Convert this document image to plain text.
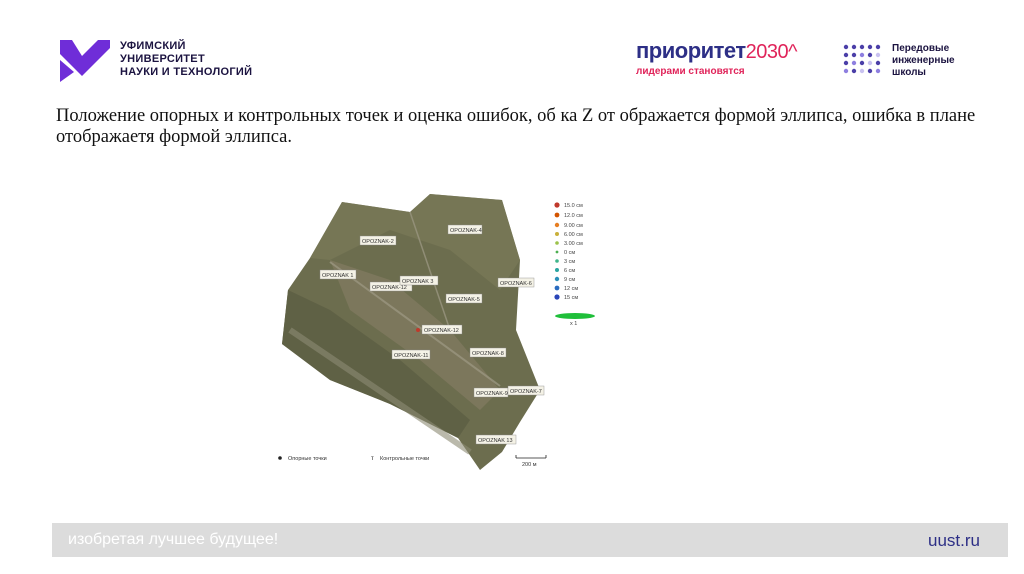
УФИМСКИЙ
УНИВЕРСИТЕТ
НАУКИ И ТЕХНОЛОГИЙ
приоритет2030^
лидерами становятся
Передовые
инженерные
школы
Положение опорных и контрольных точек и оценка ошибок, об ка Z от ображается формой эллипса, ошибка в плане отображаетя формой эллипса.
OPOZNAK-4
OPOZNAK-2
OPOZNAK 1
OPOZNAK-12
OPOZNAK 3	OPOZNAK-6
OPOZNAK-5
OPOZNAK-12
OPOZNAK-11	OPOZNAK-8
OPOZNAK-9 OPOZNAK-7
OPOZNAK 13
15.0 см
12.0 см
9.00 см
6.00 см
3.00 см
0 см
3 см
6 см
9 см
12 см
15 см
x 1
Опорные точки	ᴛ Контрольные точки
200 м
изобретая лучшее будущее!	uust.ru
